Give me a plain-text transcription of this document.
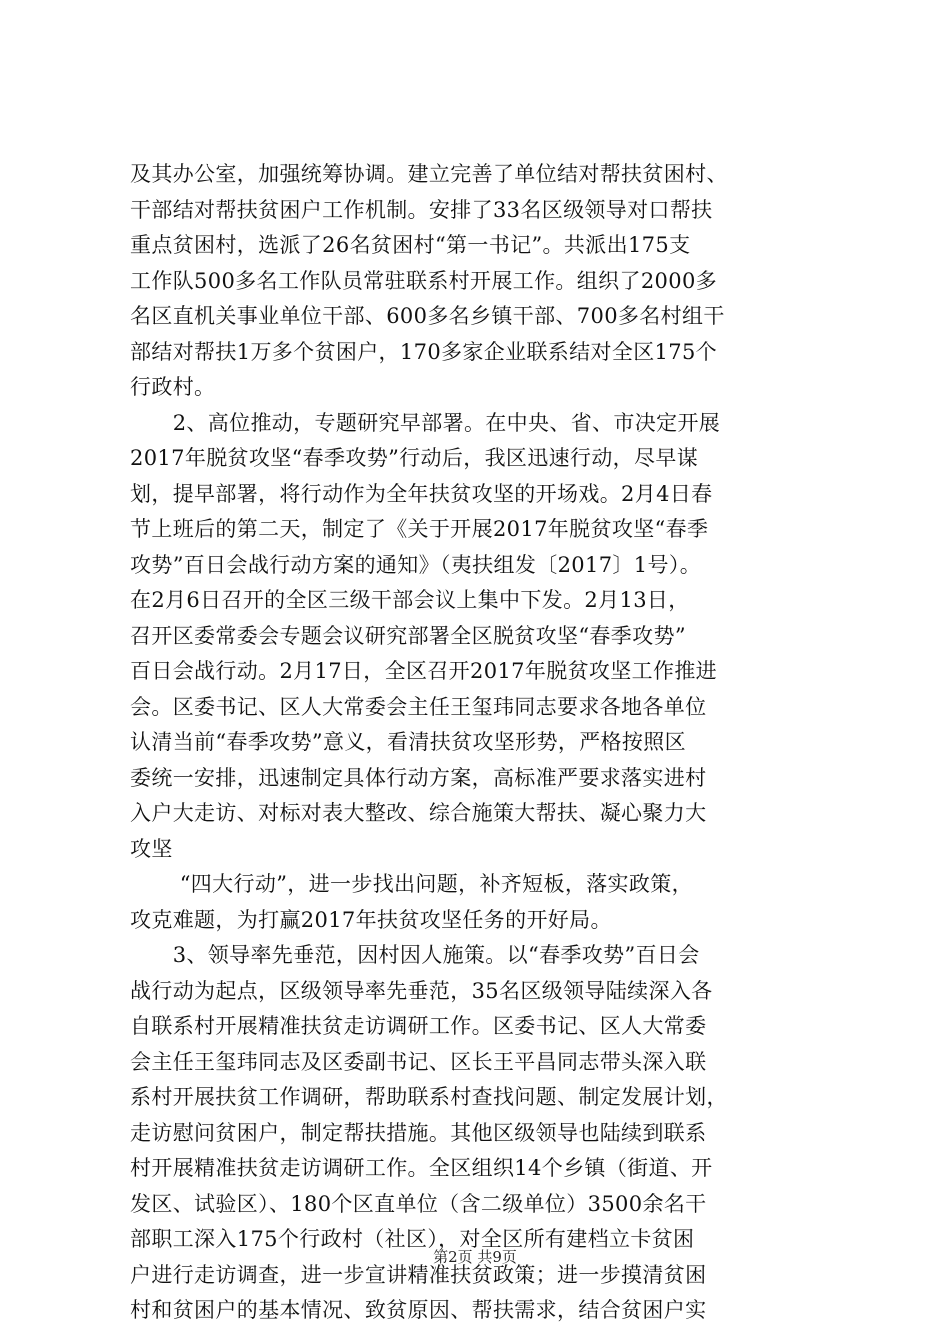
及其办公室，加强统筹协调。建立完善了单位结对帮扶贫困村、
干部结对帮扶贫困户工作机制。安排了33名区级领导对口帮扶
重点贫困村，选派了26名贫困村“第一书记”。共派出175支
工作队500多名工作队员常驻联系村开展工作。组织了2000多
名区直机关事业单位干部、600多名乡镇干部、700多名村组干
部结对帮扶1万多个贫困户，170多家企业联系结对全区175个
行政村。
　　2、高位推动，专题研究早部署。在中央、省、市决定开展
2017年脱贫攻坚“春季攻势”行动后，我区迅速行动，尽早谋
划，提早部署，将行动作为全年扶贫攻坚的开场戏。2月4日春
节上班后的第二天，制定了《关于开展2017年脱贫攻坚“春季
攻势”百日会战行动方案的通知》（夷扶组发〔2017〕1号）。
在2月6日召开的全区三级干部会议上集中下发。2月13日，
召开区委常委会专题会议研究部署全区脱贫攻坚“春季攻势”
百日会战行动。2月17日，全区召开2017年脱贫攻坚工作推进
会。区委书记、区人大常委会主任王玺玮同志要求各地各单位
认清当前“春季攻势”意义，看清扶贫攻坚形势，严格按照区
委统一安排，迅速制定具体行动方案，高标准严要求落实进村
入户大走访、对标对表大整改、综合施策大帮扶、凝心聚力大
攻坚
　　 “四大行动”，进一步找出问题，补齐短板，落实政策，
攻克难题，为打赢2017年扶贫攻坚任务的开好局。
　　3、领导率先垂范，因村因人施策。以“春季攻势”百日会
战行动为起点，区级领导率先垂范，35名区级领导陆续深入各
自联系村开展精准扶贫走访调研工作。区委书记、区人大常委
会主任王玺玮同志及区委副书记、区长王平昌同志带头深入联
系村开展扶贫工作调研，帮助联系村查找问题、制定发展计划，
走访慰问贫困户，制定帮扶措施。其他区级领导也陆续到联系
村开展精准扶贫走访调研工作。全区组织14个乡镇（街道、开
发区、试验区）、180个区直单位（含二级单位）3500余名干
部职工深入175个行政村（社区），对全区所有建档立卡贫困
户进行走访调查，进一步宣讲精准扶贫政策；进一步摸清贫困
村和贫困户的基本情况、致贫原因、帮扶需求，结合贫困户实
第2页 共9页
